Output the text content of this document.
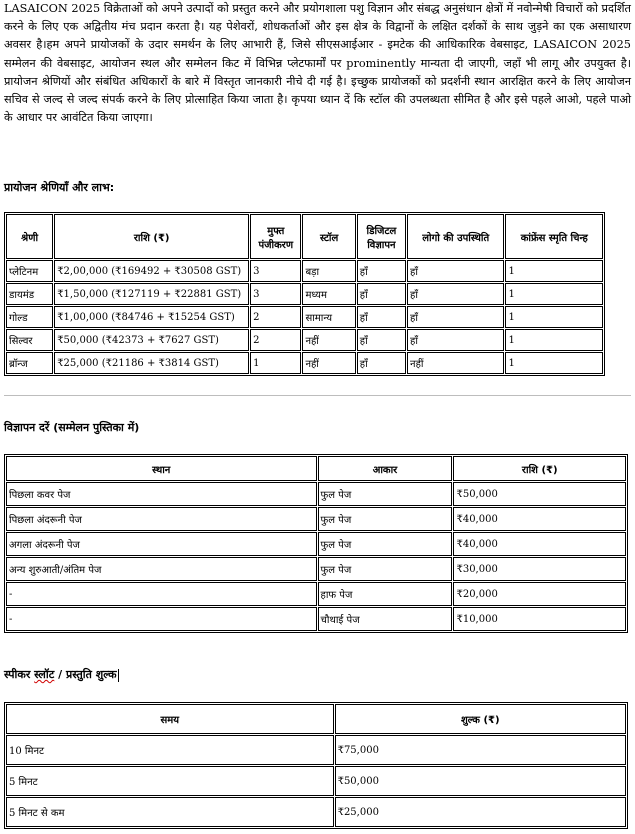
LASAICON 2025 विक्रेताओं को अपने उत्पादों को प्रस्तुत करने और प्रयोगशाला पशु विज्ञान और संबद्ध अनुसंधान क्षेत्रों में नवोन्मेषी विचारों को प्रदर्शित करने के लिए एक अद्वितीय मंच प्रदान करता है। यह पेशेवरों, शोधकर्ताओं और इस क्षेत्र के विद्वानों के लक्षित दर्शकों के साथ जुड़ने का एक असाधारण अवसर है।हम अपने प्रायोजकों के उदार समर्थन के लिए आभारी हैं, जिसे सीएसआईआर - इमटेक की आधिकारिक वेबसाइट, LASAICON 2025 सम्मेलन की वेबसाइट, आयोजन स्थल और सम्मेलन किट में विभिन्न प्लेटफार्मों पर prominently मान्यता दी जाएगी, जहाँ भी लागू और उपयुक्त है।प्रायोजन श्रेणियों और संबंधित अधिकारों के बारे में विस्तृत जानकारी नीचे दी गई है। इच्छुक प्रायोजकों को प्रदर्शनी स्थान आरक्षित करने के लिए आयोजन सचिव से जल्द से जल्द संपर्क करने के लिए प्रोत्साहित किया जाता है। कृपया ध्यान दें कि स्टॉल की उपलब्धता सीमित है और इसे पहले आओ, पहले पाओ के आधार पर आवंटित किया जाएगा।

प्रायोजन श्रेणियाँ और लाभ:

श्रेणी	राशि (₹)	मुफ्त पंजीकरण	स्टॉल	डिजिटल विज्ञापन	लोगो की उपस्थिति	कांफ्रेंस स्मृति चिन्ह
प्लेटिनम	₹2,00,000 (₹169492 + ₹30508 GST)	3	बड़ा	हाँ	हाँ	1
डायमंड	₹1,50,000 (₹127119 + ₹22881 GST)	3	मध्यम	हाँ	हाँ	1
गोल्ड	₹1,00,000 (₹84746 + ₹15254 GST)	2	सामान्य	हाँ	हाँ	1
सिल्वर	₹50,000 (₹42373 + ₹7627 GST)	2	नहीं	हाँ	हाँ	1
ब्रॉन्ज	₹25,000 (₹21186 + ₹3814 GST)	1	नहीं	हाँ	नहीं	1

विज्ञापन दरें (सम्मेलन पुस्तिका में)

स्थान	आकार	राशि (₹)
पिछला कवर पेज	फुल पेज	₹50,000
पिछला अंदरूनी पेज	फुल पेज	₹40,000
अगला अंदरूनी पेज	फुल पेज	₹40,000
अन्य शुरुआती/अंतिम पेज	फुल पेज	₹30,000
-	हाफ पेज	₹20,000
-	चौथाई पेज	₹10,000

स्पीकर स्लॉट / प्रस्तुति शुल्क

समय	शुल्क (₹)
10 मिनट	₹75,000
5 मिनट	₹50,000
5 मिनट से कम	₹25,000
